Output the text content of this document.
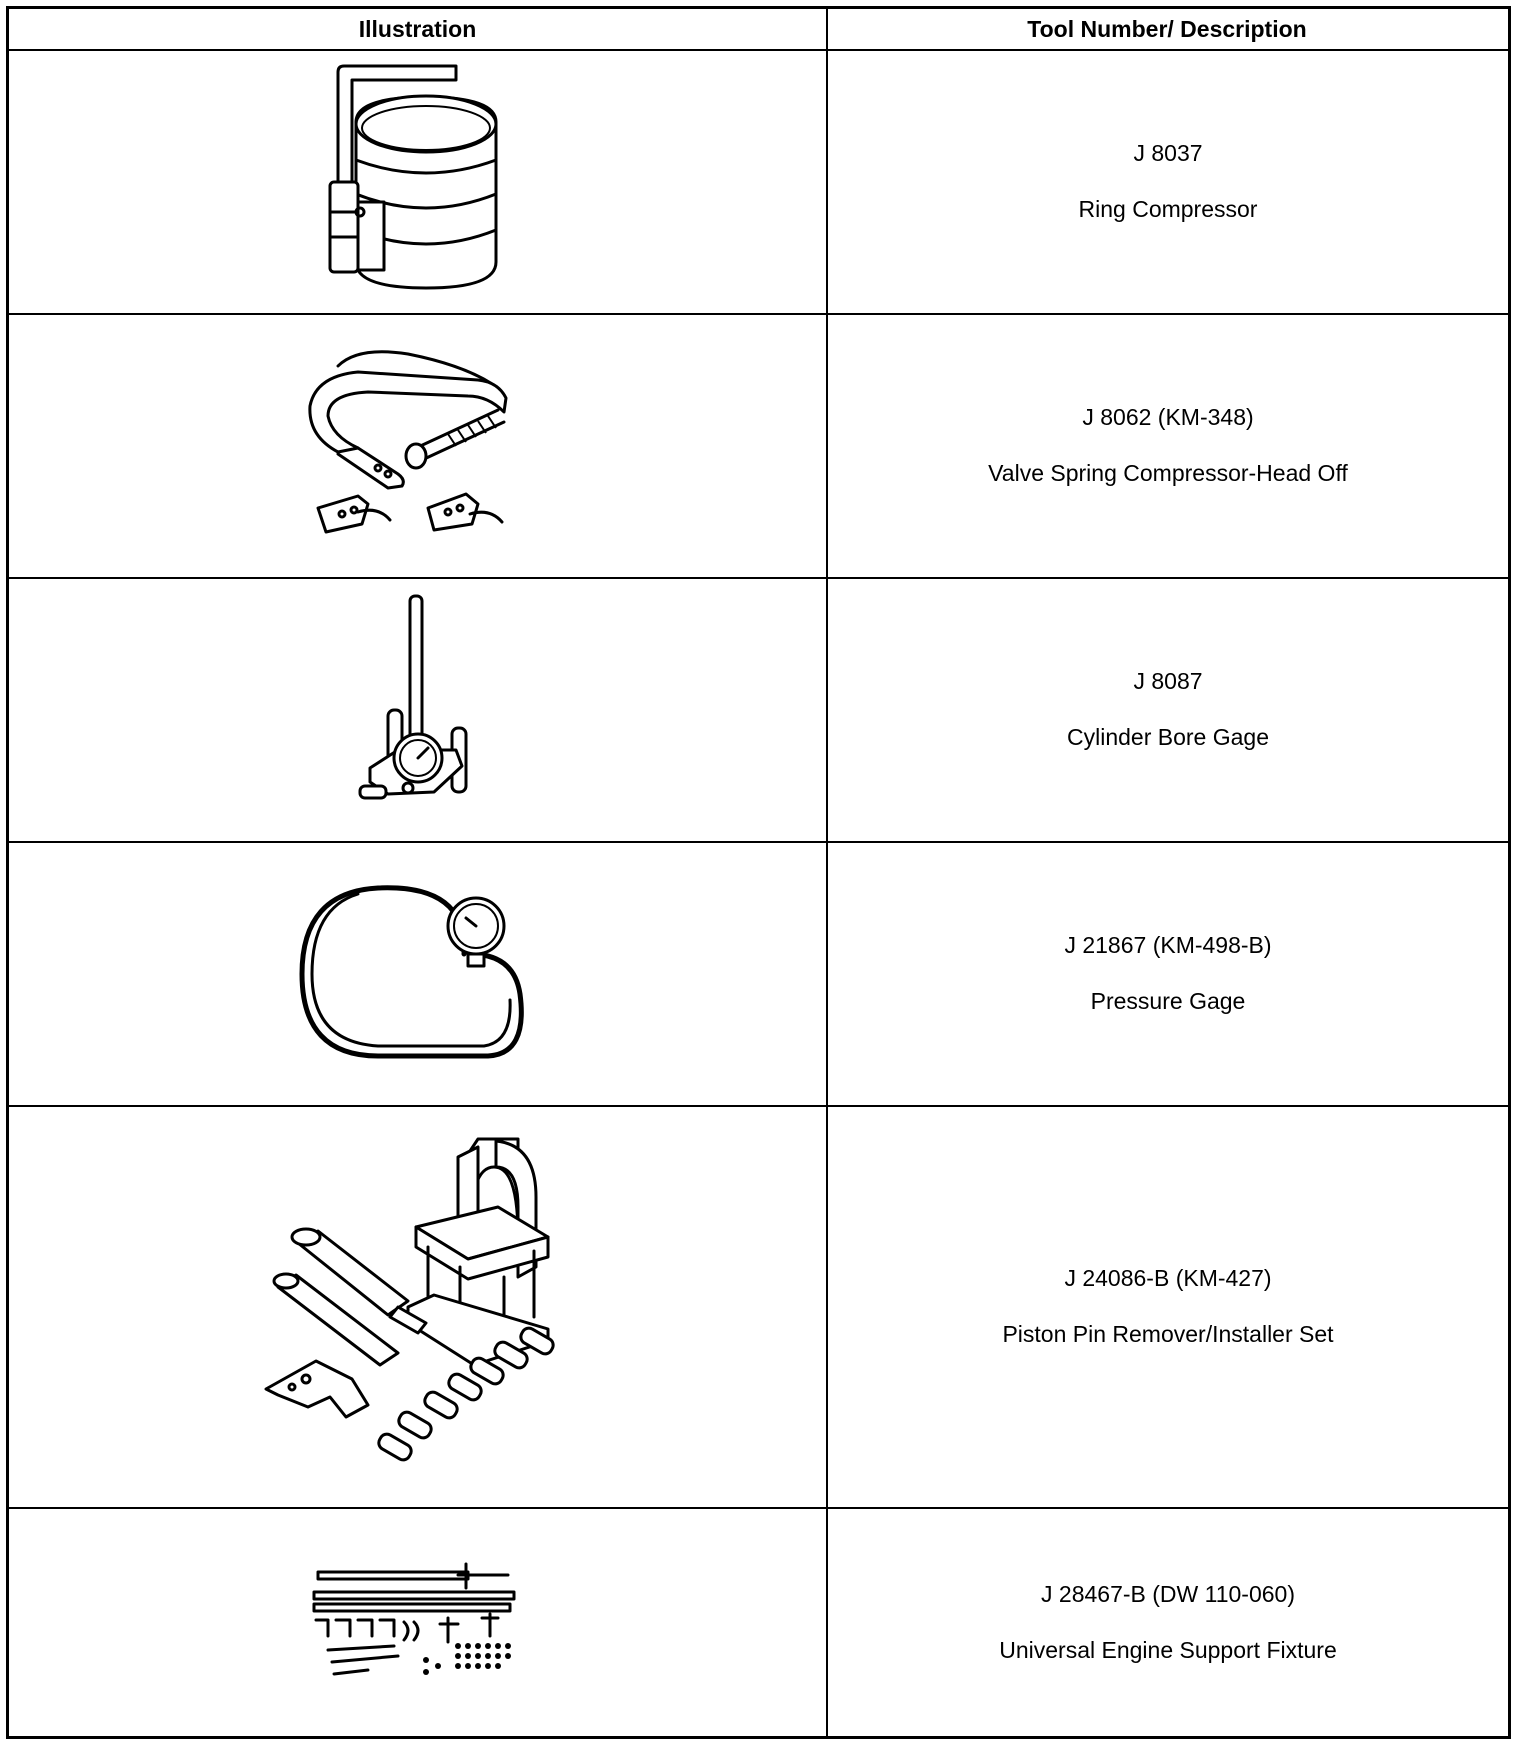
Illustration	Tool Number/ Description
J 8037
Ring Compressor
J 8062 (KM-348)
Valve Spring Compressor-Head Off
J 8087
Cylinder Bore Gage
J 21867 (KM-498-B)
Pressure Gage
J 24086-B (KM-427)
Piston Pin Remover/Installer Set
J 28467-B (DW 110-060)
Universal Engine Support Fixture
